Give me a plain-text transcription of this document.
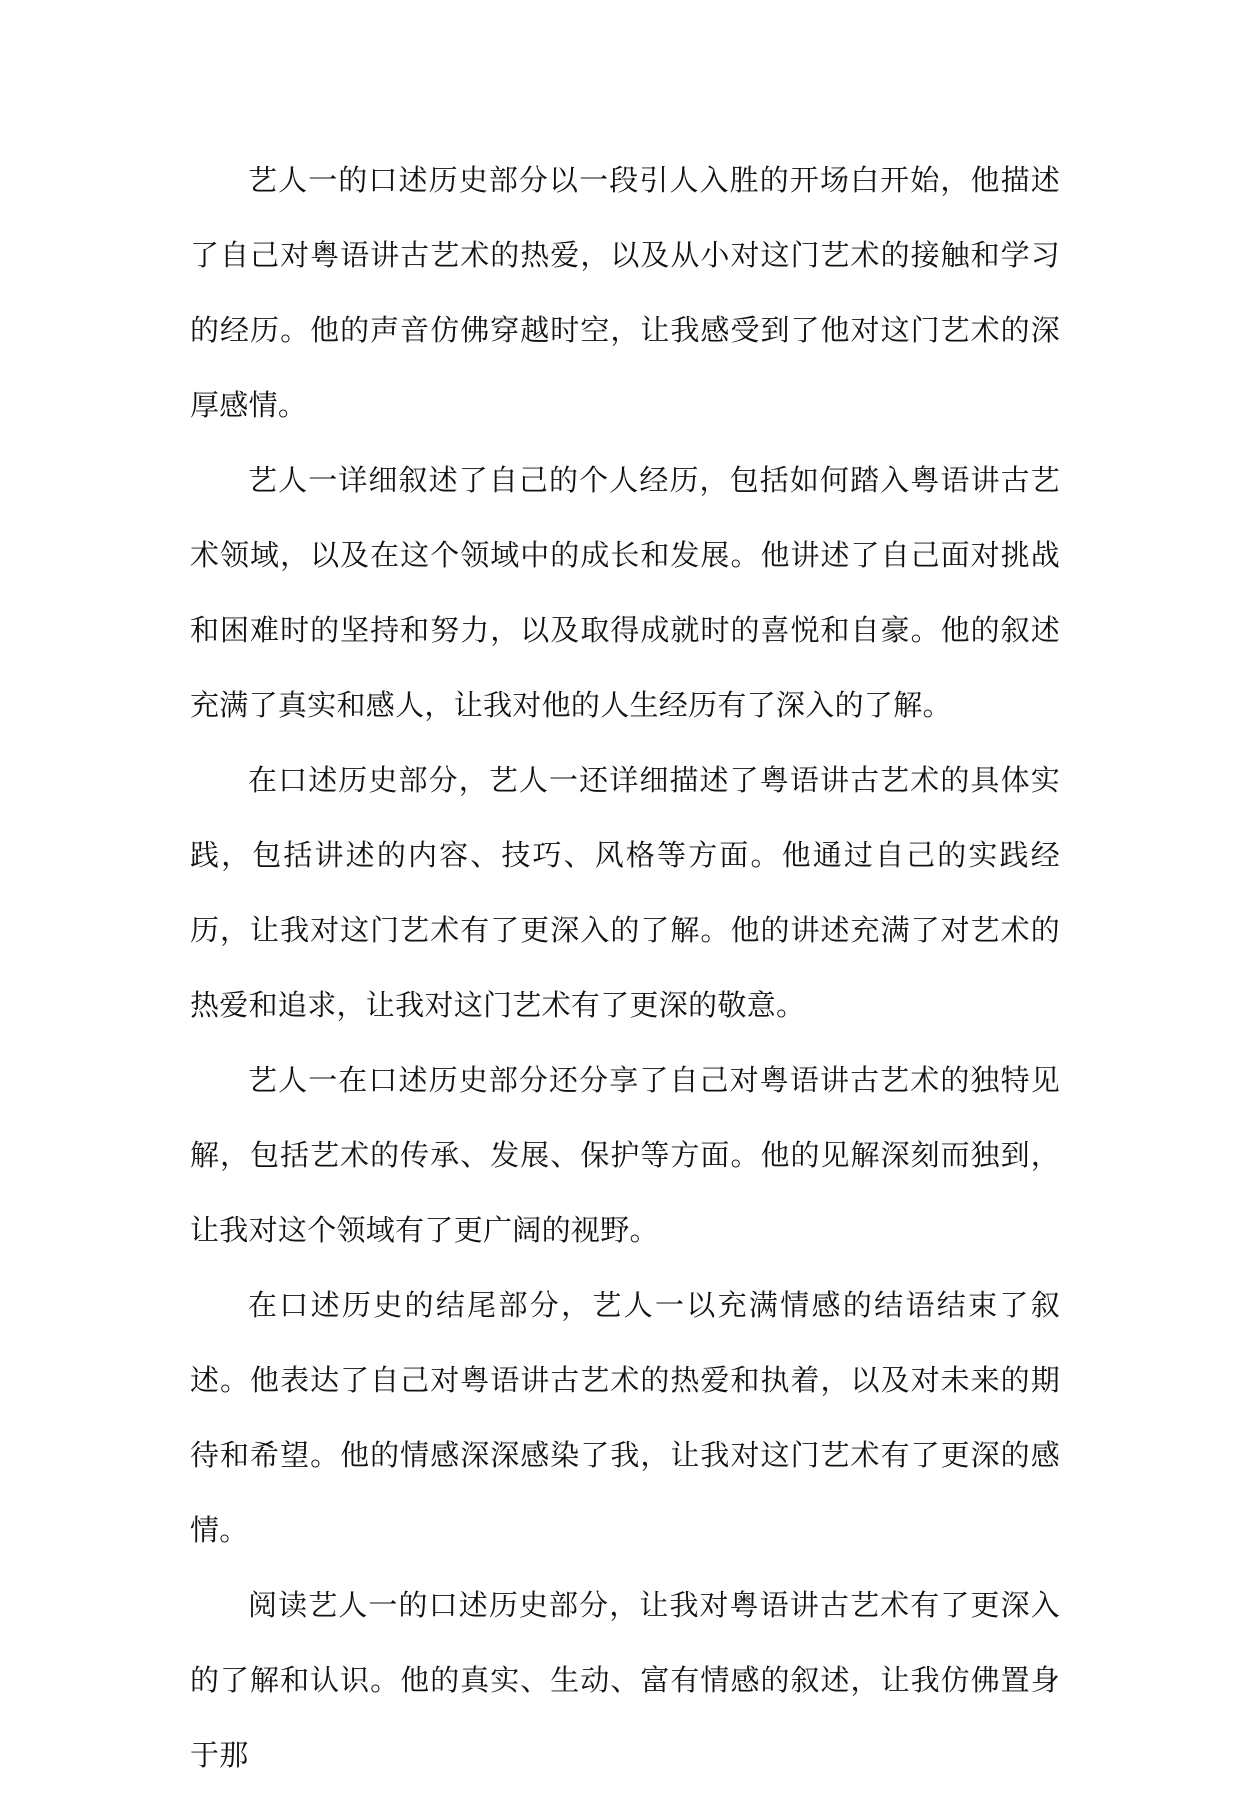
艺人一的口述历史部分以一段引人入胜的开场白开始，他描述了自己对粤语讲古艺术的热爱，以及从小对这门艺术的接触和学习的经历。他的声音仿佛穿越时空，让我感受到了他对这门艺术的深厚感情。

艺人一详细叙述了自己的个人经历，包括如何踏入粤语讲古艺术领域，以及在这个领域中的成长和发展。他讲述了自己面对挑战和困难时的坚持和努力，以及取得成就时的喜悦和自豪。他的叙述充满了真实和感人，让我对他的人生经历有了深入的了解。

在口述历史部分，艺人一还详细描述了粤语讲古艺术的具体实践，包括讲述的内容、技巧、风格等方面。他通过自己的实践经历，让我对这门艺术有了更深入的了解。他的讲述充满了对艺术的热爱和追求，让我对这门艺术有了更深的敬意。

艺人一在口述历史部分还分享了自己对粤语讲古艺术的独特见解，包括艺术的传承、发展、保护等方面。他的见解深刻而独到，让我对这个领域有了更广阔的视野。

在口述历史的结尾部分，艺人一以充满情感的结语结束了叙述。他表达了自己对粤语讲古艺术的热爱和执着，以及对未来的期待和希望。他的情感深深感染了我，让我对这门艺术有了更深的感情。

阅读艺人一的口述历史部分，让我对粤语讲古艺术有了更深入的了解和认识。他的真实、生动、富有情感的叙述，让我仿佛置身于那
